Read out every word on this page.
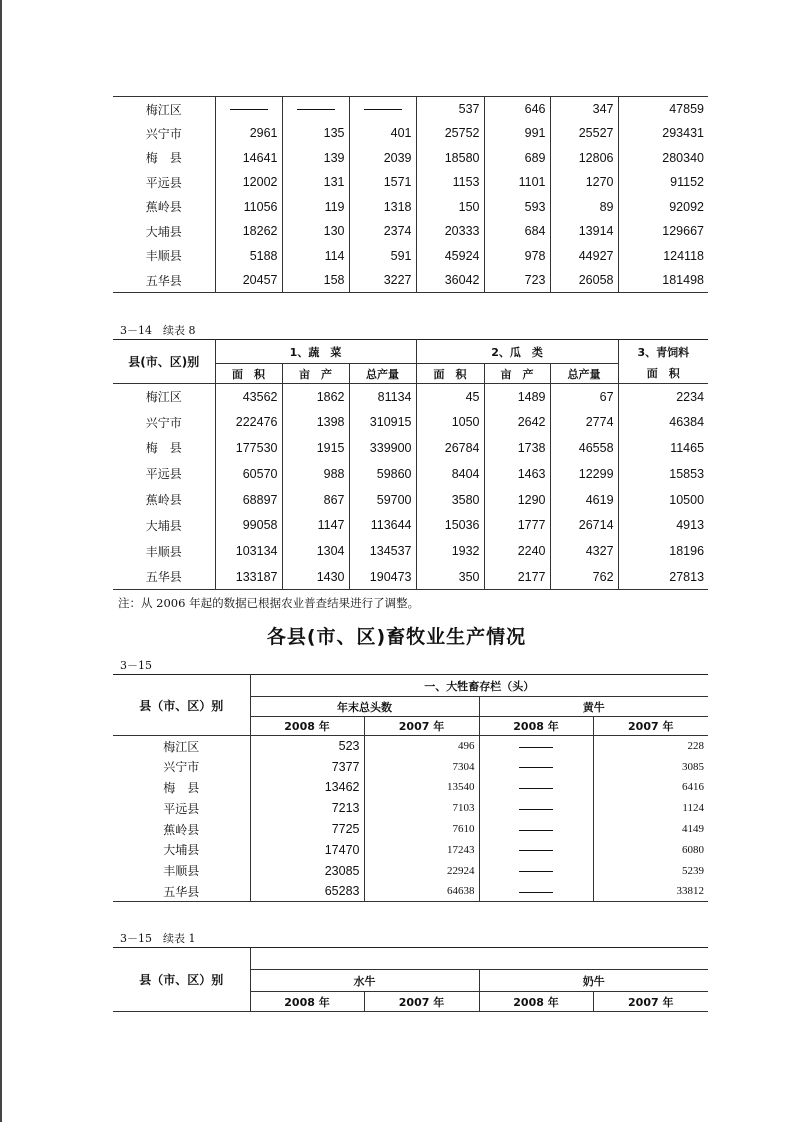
梅江区				537	646	347	47859
兴宁市	2961	135	401	25752	991	25527	293431
梅　县	14641	139	2039	18580	689	12806	280340
平远县	12002	131	1571	1153	1101	1270	91152
蕉岭县	11056	119	1318	150	593	89	92092
大埔县	18262	130	2374	20333	684	13914	129667
丰顺县	5188	114	591	45924	978	44927	124118
五华县	20457	158	3227	36042	723	26058	181498
3－14　续表 8
县(市、区)别	1、蔬　菜			2、瓜　类			3、青饲料
	面　积	亩　产	总产量	面　积	亩　产	总产量	面　积
梅江区	43562	1862	81134	45	1489	67	2234
兴宁市	222476	1398	310915	1050	2642	2774	46384
梅　县	177530	1915	339900	26784	1738	46558	11465
平远县	60570	988	59860	8404	1463	12299	15853
蕉岭县	68897	867	59700	3580	1290	4619	10500
大埔县	99058	1147	113644	15036	1777	26714	4913
丰顺县	103134	1304	134537	1932	2240	4327	18196
五华县	133187	1430	190473	350	2177	762	27813
注：从 2006 年起的数据已根据农业普查结果进行了调整。
各县(市、区)畜牧业生产情况
3－15
县（市、区）别	一、大牲畜存栏（头）			
	年末总头数		黄牛	
	2008 年	2007 年	2008 年	2007 年
梅江区	523	496		228
兴宁市	7377	7304		3085
梅　县	13462	13540		6416
平远县	7213	7103		1124
蕉岭县	7725	7610		4149
大埔县	17470	17243		6080
丰顺县	23085	22924		5239
五华县	65283	64638		33812
3－15　续表 1
县（市、区）别				
	水牛		奶牛	
	2008 年	2007 年	2008 年	2007 年
